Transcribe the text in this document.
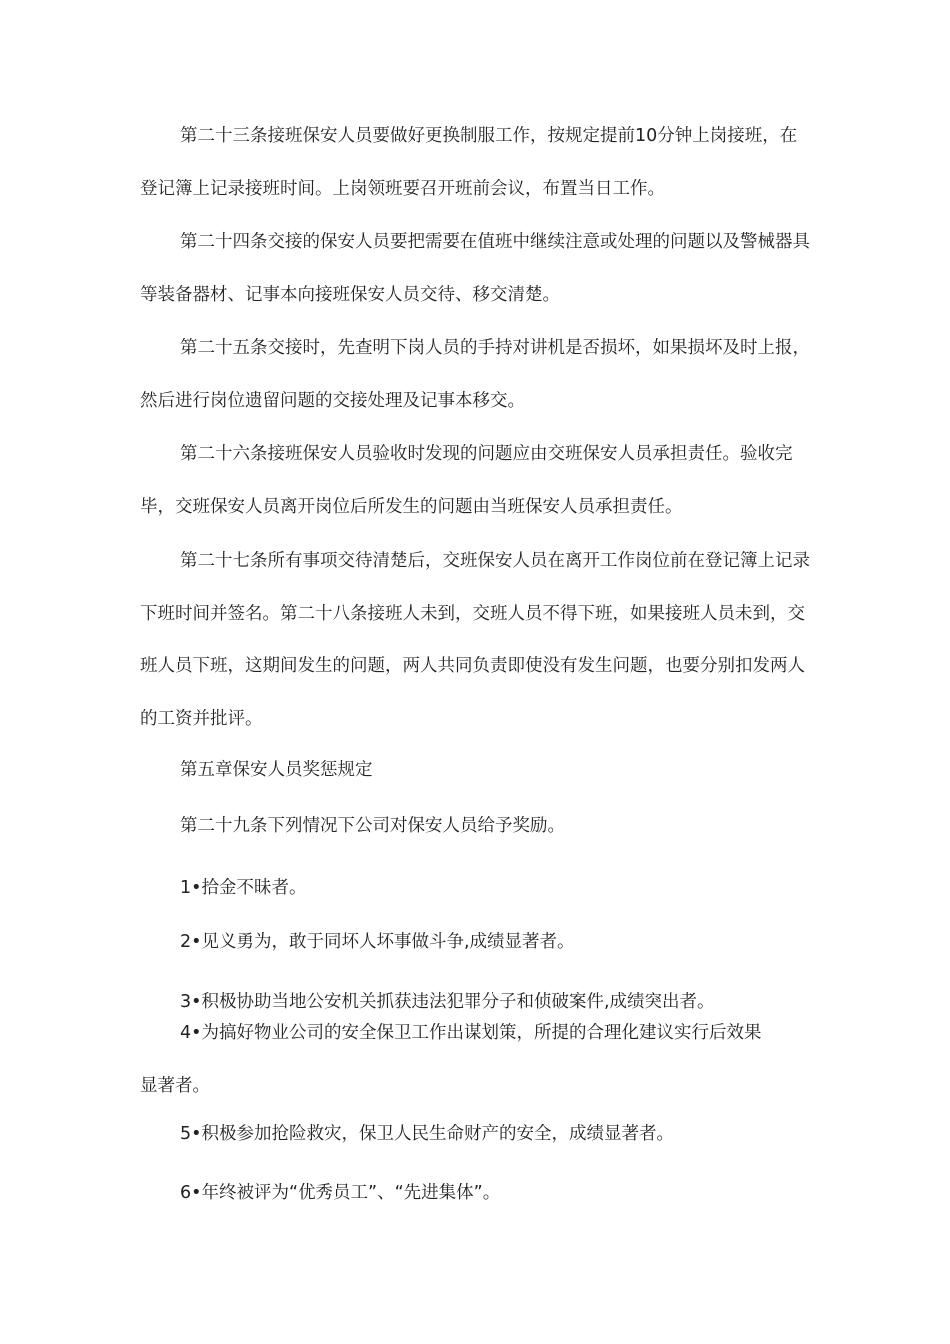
第二十三条接班保安人员要做好更换制服工作，按规定提前10分钟上岗接班，在登记簿上记录接班时间。上岗领班要召开班前会议，布置当日工作。
第二十四条交接的保安人员要把需要在值班中继续注意或处理的问题以及警械器具等装备器材、记事本向接班保安人员交待、移交清楚。
第二十五条交接时，先查明下岗人员的手持对讲机是否损坏，如果损坏及时上报，然后进行岗位遗留问题的交接处理及记事本移交。
第二十六条接班保安人员验收时发现的问题应由交班保安人员承担责任。验收完毕，交班保安人员离开岗位后所发生的问题由当班保安人员承担责任。
第二十七条所有事项交待清楚后，交班保安人员在离开工作岗位前在登记簿上记录下班时间并签名。第二十八条接班人未到，交班人员不得下班，如果接班人员未到，交班人员下班，这期间发生的问题，两人共同负责即使没有发生问题，也要分别扣发两人的工资并批评。
第五章保安人员奖惩规定
第二十九条下列情况下公司对保安人员给予奖励。
1•拾金不昧者。
2•见义勇为，敢于同坏人坏事做斗争,成绩显著者。
3•积极协助当地公安机关抓获违法犯罪分子和侦破案件,成绩突出者。
4•为搞好物业公司的安全保卫工作出谋划策，所提的合理化建议实行后效果
显著者。
5•积极参加抢险救灾，保卫人民生命财产的安全，成绩显著者。
6•年终被评为“优秀员工”、“先进集体”。
